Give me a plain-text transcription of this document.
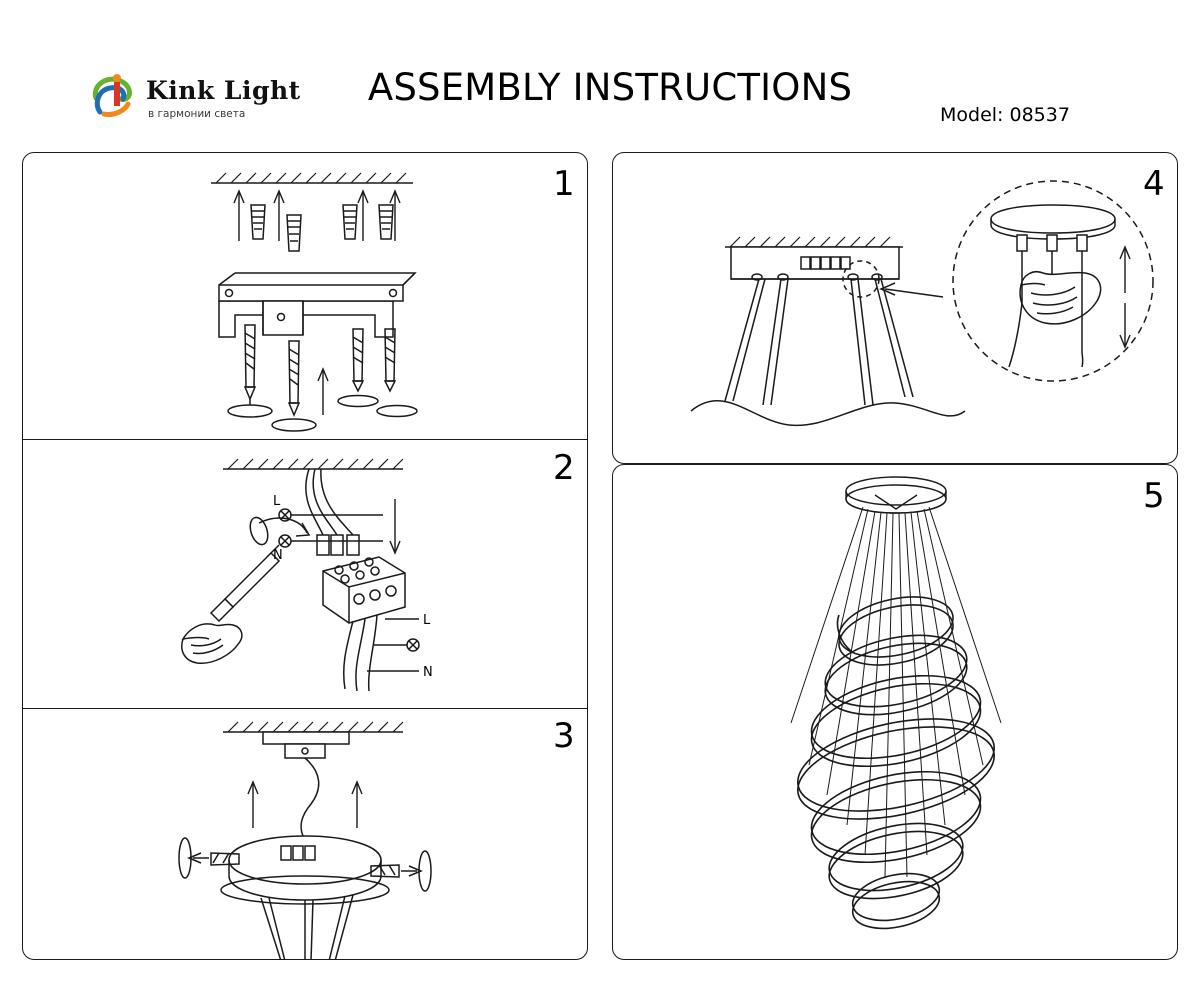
Kink Light
в гармонии света
ASSEMBLY INSTRUCTIONS
Model: 08537
1
2
L
N
L
N
3
4
5
